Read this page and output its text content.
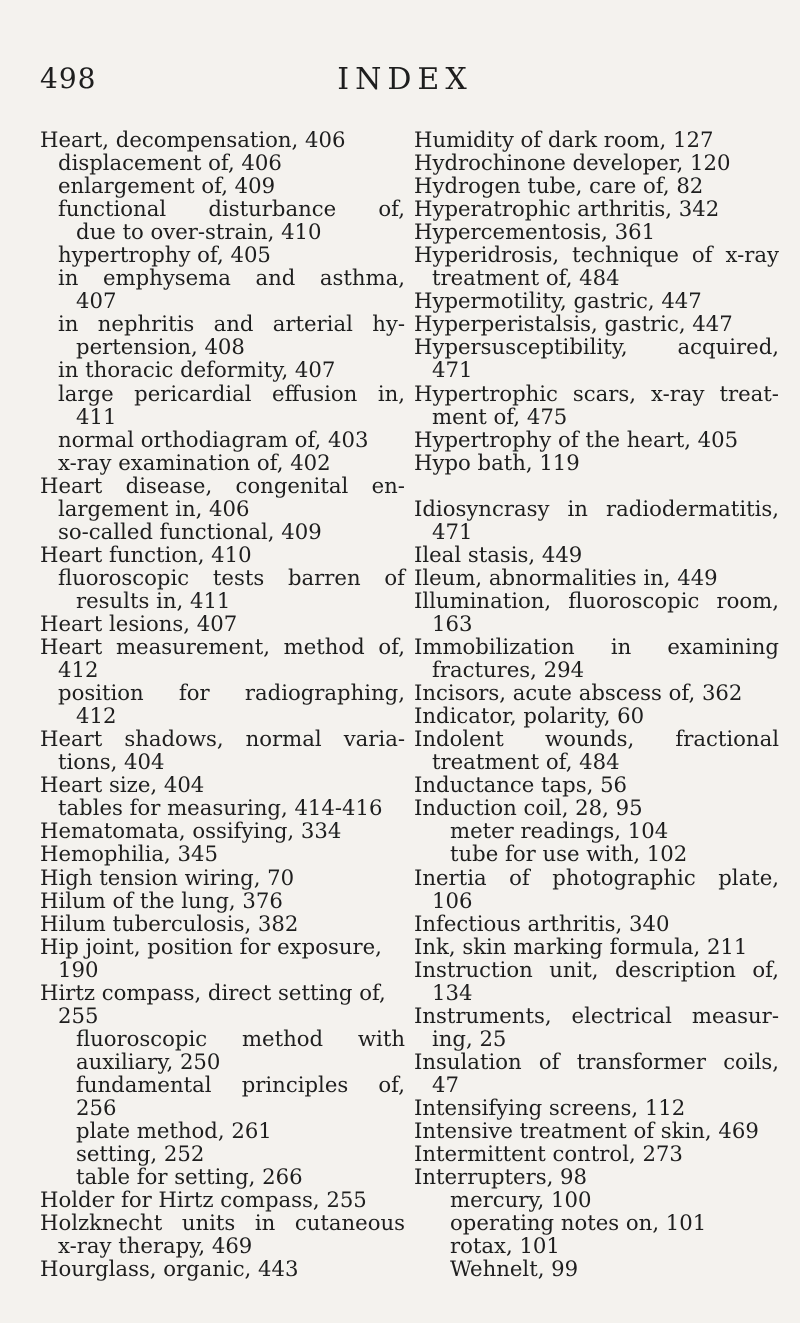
498	INDEX
Heart, decompensation, 406
displacement of, 406
enlargement of, 409
functional disturbance of,
due to over-strain, 410
hypertrophy of, 405
in emphysema and asthma,
407
in nephritis and arterial hy-
pertension, 408
in thoracic deformity, 407
large pericardial effusion in,
411
normal orthodiagram of, 403
x-ray examination of, 402
Heart disease, congenital en-
largement in, 406
so-called functional, 409
Heart function, 410
fluoroscopic tests barren of
results in, 411
Heart lesions, 407
Heart measurement, method of,
412
position for radiographing,
412
Heart shadows, normal varia-
tions, 404
Heart size, 404
tables for measuring, 414-416
Hematomata, ossifying, 334
Hemophilia, 345
High tension wiring, 70
Hilum of the lung, 376
Hilum tuberculosis, 382
Hip joint, position for exposure,
190
Hirtz compass, direct setting of,
255
fluoroscopic method with
auxiliary, 250
fundamental principles of,
256
plate method, 261
setting, 252
table for setting, 266
Holder for Hirtz compass, 255
Holzknecht units in cutaneous
x-ray therapy, 469
Hourglass, organic, 443
Humidity of dark room, 127
Hydrochinone developer, 120
Hydrogen tube, care of, 82
Hyperatrophic arthritis, 342
Hypercementosis, 361
Hyperidrosis, technique of x-ray
treatment of, 484
Hypermotility, gastric, 447
Hyperperistalsis, gastric, 447
Hypersusceptibility, acquired,
471
Hypertrophic scars, x-ray treat-
ment of, 475
Hypertrophy of the heart, 405
Hypo bath, 119
Idiosyncrasy in radiodermatitis,
471
Ileal stasis, 449
Ileum, abnormalities in, 449
Illumination, fluoroscopic room,
163
Immobilization in examining
fractures, 294
Incisors, acute abscess of, 362
Indicator, polarity, 60
Indolent wounds, fractional
treatment of, 484
Inductance taps, 56
Induction coil, 28, 95
meter readings, 104
tube for use with, 102
Inertia of photographic plate,
106
Infectious arthritis, 340
Ink, skin marking formula, 211
Instruction unit, description of,
134
Instruments, electrical measur-
ing, 25
Insulation of transformer coils,
47
Intensifying screens, 112
Intensive treatment of skin, 469
Intermittent control, 273
Interrupters, 98
mercury, 100
operating notes on, 101
rotax, 101
Wehnelt, 99
